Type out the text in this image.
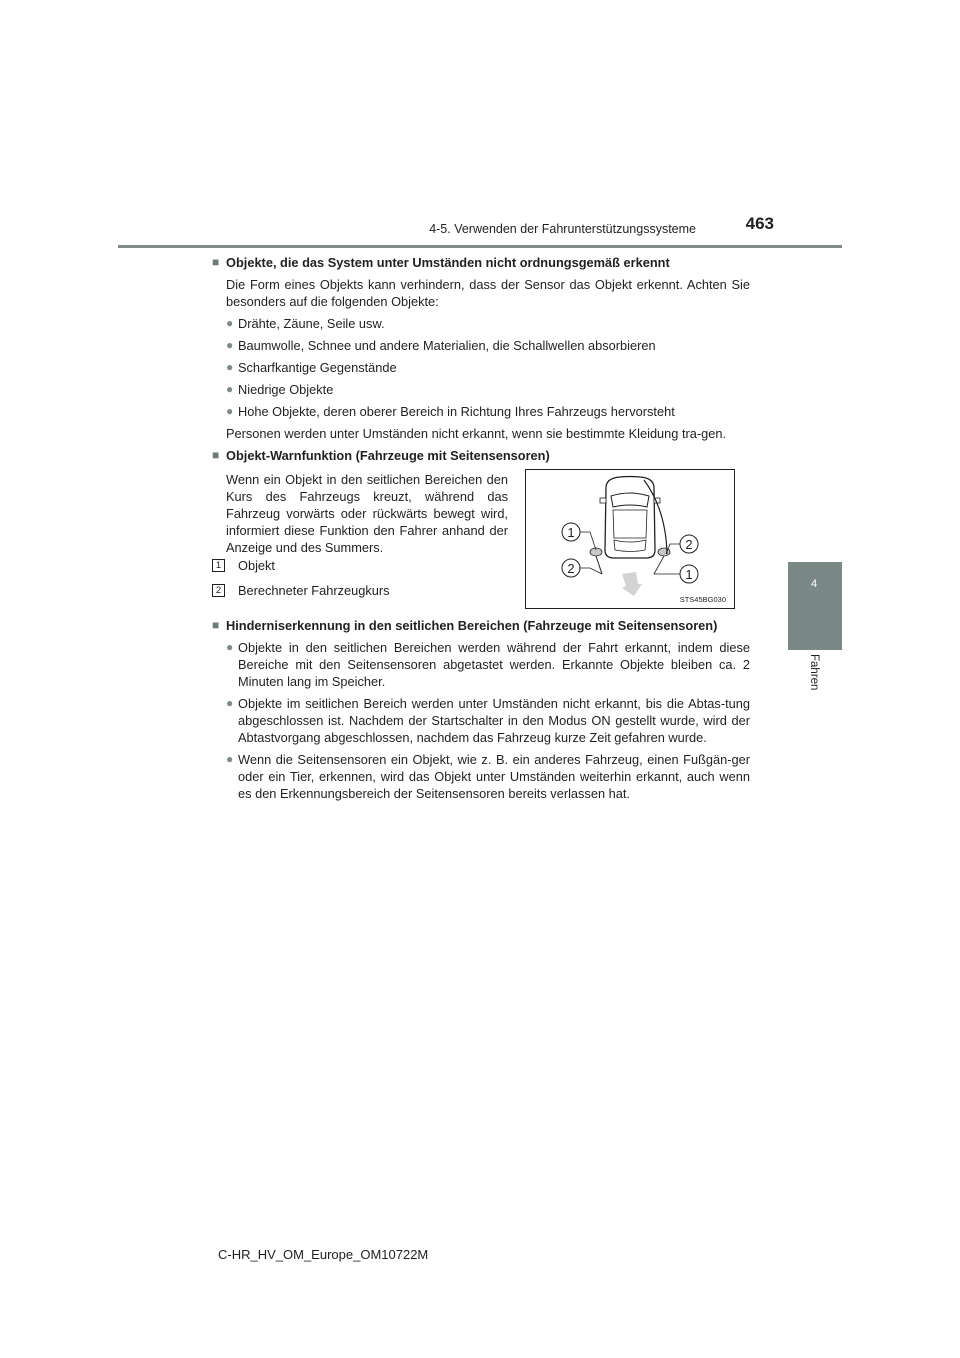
4-5. Verwenden der Fahrunterstützungssysteme	463
4
Fahren
■ Objekte, die das System unter Umständen nicht ordnungsgemäß erkennt
Die Form eines Objekts kann verhindern, dass der Sensor das Objekt erkennt. Achten Sie besonders auf die folgenden Objekte:
● Drähte, Zäune, Seile usw.
● Baumwolle, Schnee und andere Materialien, die Schallwellen absorbieren
● Scharfkantige Gegenstände
● Niedrige Objekte
● Hohe Objekte, deren oberer Bereich in Richtung Ihres Fahrzeugs hervorsteht
Personen werden unter Umständen nicht erkannt, wenn sie bestimmte Kleidung tra-gen.
■ Objekt-Warnfunktion (Fahrzeuge mit Seitensensoren)
Wenn ein Objekt in den seitlichen Bereichen den Kurs des Fahrzeugs kreuzt, während das Fahrzeug vorwärts oder rückwärts bewegt wird, informiert diese Funktion den Fahrer anhand der Anzeige und des Summers.
1	Objekt
2	Berechneter Fahrzeugkurs
1
2
2
1
STS45BG030
■ Hinderniserkennung in den seitlichen Bereichen (Fahrzeuge mit Seitensensoren)
● Objekte in den seitlichen Bereichen werden während der Fahrt erkannt, indem diese Bereiche mit den Seitensensoren abgetastet werden. Erkannte Objekte bleiben ca. 2 Minuten lang im Speicher.
● Objekte im seitlichen Bereich werden unter Umständen nicht erkannt, bis die Abtas-tung abgeschlossen ist. Nachdem der Startschalter in den Modus ON gestellt wurde, wird der Abtastvorgang abgeschlossen, nachdem das Fahrzeug kurze Zeit gefahren wurde.
● Wenn die Seitensensoren ein Objekt, wie z. B. ein anderes Fahrzeug, einen Fußgän-ger oder ein Tier, erkennen, wird das Objekt unter Umständen weiterhin erkannt, auch wenn es den Erkennungsbereich der Seitensensoren bereits verlassen hat.
C-HR_HV_OM_Europe_OM10722M
